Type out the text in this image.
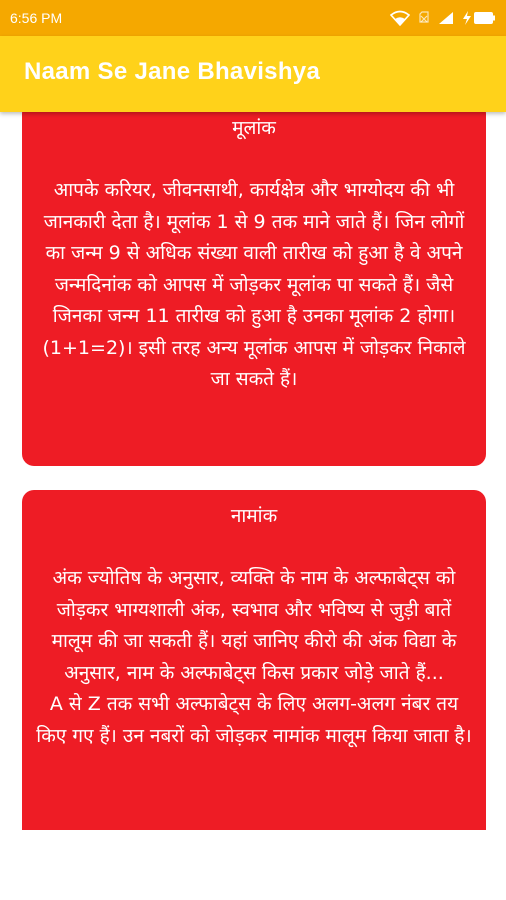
6:56 PM
Naam Se Jane Bhavishya
मूलांक
आपके करियर, जीवनसाथी, कार्यक्षेत्र और भाग्योदय की भी जानकारी देता है। मूलांक 1 से 9 तक माने जाते हैं। जिन लोगों का जन्म 9 से अधिक संख्या वाली तारीख को हुआ है वे अपने जन्मदिनांक को आपस में जोड़कर मूलांक पा सकते हैं। जैसे जिनका जन्म 11 तारीख को हुआ है उनका मूलांक 2 होगा। (1+1=2)। इसी तरह अन्य मूलांक आपस में जोड़कर निकाले जा सकते हैं।
नामांक
अंक ज्योतिष के अनुसार, व्यक्ति के नाम के अल्फाबेट्स को जोड़कर भाग्यशाली अंक, स्वभाव और भविष्य से जुड़ी बातें मालूम की जा सकती हैं। यहां जानिए कीरो की अंक विद्या के अनुसार, नाम के अल्फाबेट्स किस प्रकार जोड़े जाते हैं...
A से Z तक सभी अल्फाबेट्स के लिए अलग-अलग नंबर तय किए गए हैं। उन नबरों को जोड़कर नामांक मालूम किया जाता है।
